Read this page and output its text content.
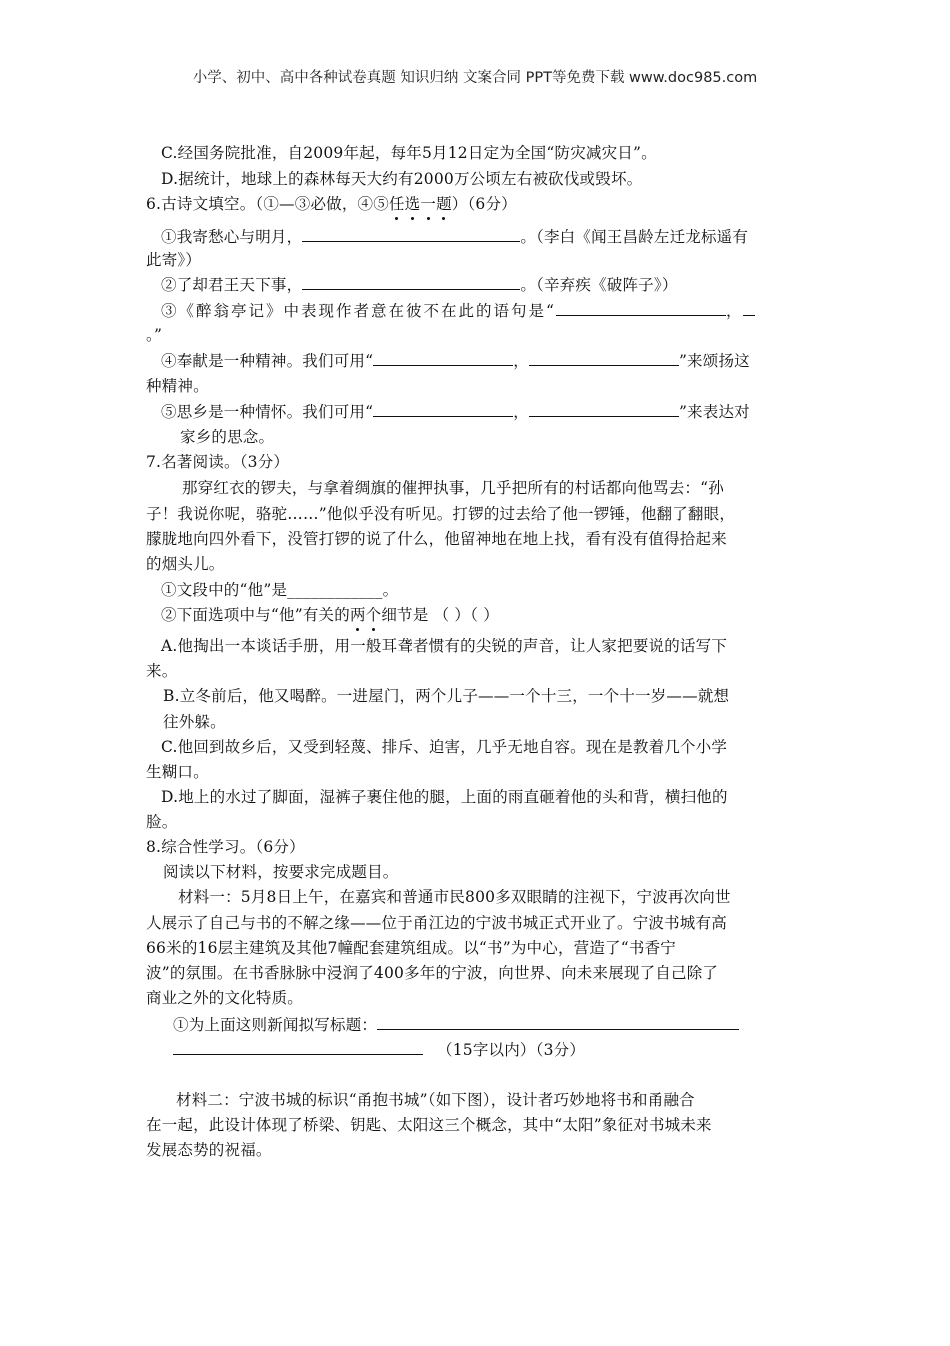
小学、初中、高中各种试卷真题 知识归纳 文案合同 PPT等免费下载 www.doc985.com
C.经国务院批准，自2009年起，每年5月12日定为全国“防灾减灾日”。
D.据统计，地球上的森林每天大约有2000万公顷左右被砍伐或毁坏。
6.古诗文填空。（①—③必做，④⑤任选一题）（6分）
①我寄愁心与明月，	。（李白《闻王昌龄左迁龙标遥有
此寄》）
②了却君王天下事，	。（辛弃疾《破阵子》）
③《醉翁亭记》中表现作者意在彼不在此的语句是“	，
。”
④奉献是一种精神。我们可用“	，	”来颂扬这
种精神。
⑤思乡是一种情怀。我们可用“	，	”来表达对
家乡的思念。
7.名著阅读。（3分）
那穿红衣的锣夫，与拿着绸旗的催押执事，几乎把所有的村话都向他骂去：“孙
子！我说你呢，骆驼……”他似乎没有听见。打锣的过去给了他一锣锤，他翻了翻眼，
朦胧地向四外看下，没管打锣的说了什么，他留神地在地上找，看有没有值得拾起来
的烟头儿。
①文段中的“他”是____________。
②下面选项中与“他”有关的两个细节是 （ ）（ ）
A.他掏出一本谈话手册，用一般耳聋者惯有的尖锐的声音，让人家把要说的话写下
来。
B.立冬前后，他又喝醉。一进屋门，两个儿子——一个十三，一个十一岁——就想
往外躲。
C.他回到故乡后，又受到轻蔑、排斥、迫害，几乎无地自容。现在是教着几个小学
生糊口。
D.地上的水过了脚面，湿裤子裹住他的腿，上面的雨直砸着他的头和背，横扫他的
脸。
8.综合性学习。（6分）
阅读以下材料，按要求完成题目。
材料一：5月8日上午，在嘉宾和普通市民800多双眼睛的注视下，宁波再次向世
人展示了自己与书的不解之缘——位于甬江边的宁波书城正式开业了。宁波书城有高
66米的16层主建筑及其他7幢配套建筑组成。以“书”为中心，营造了“书香宁
波”的氛围。在书香脉脉中浸润了400多年的宁波，向世界、向未来展现了自己除了
商业之外的文化特质。
①为上面这则新闻拟写标题：
（15字以内）（3分）
材料二：宁波书城的标识“甬抱书城”（如下图），设计者巧妙地将书和甬融合
在一起，此设计体现了桥梁、钥匙、太阳这三个概念，其中“太阳”象征对书城未来
发展态势的祝福。
